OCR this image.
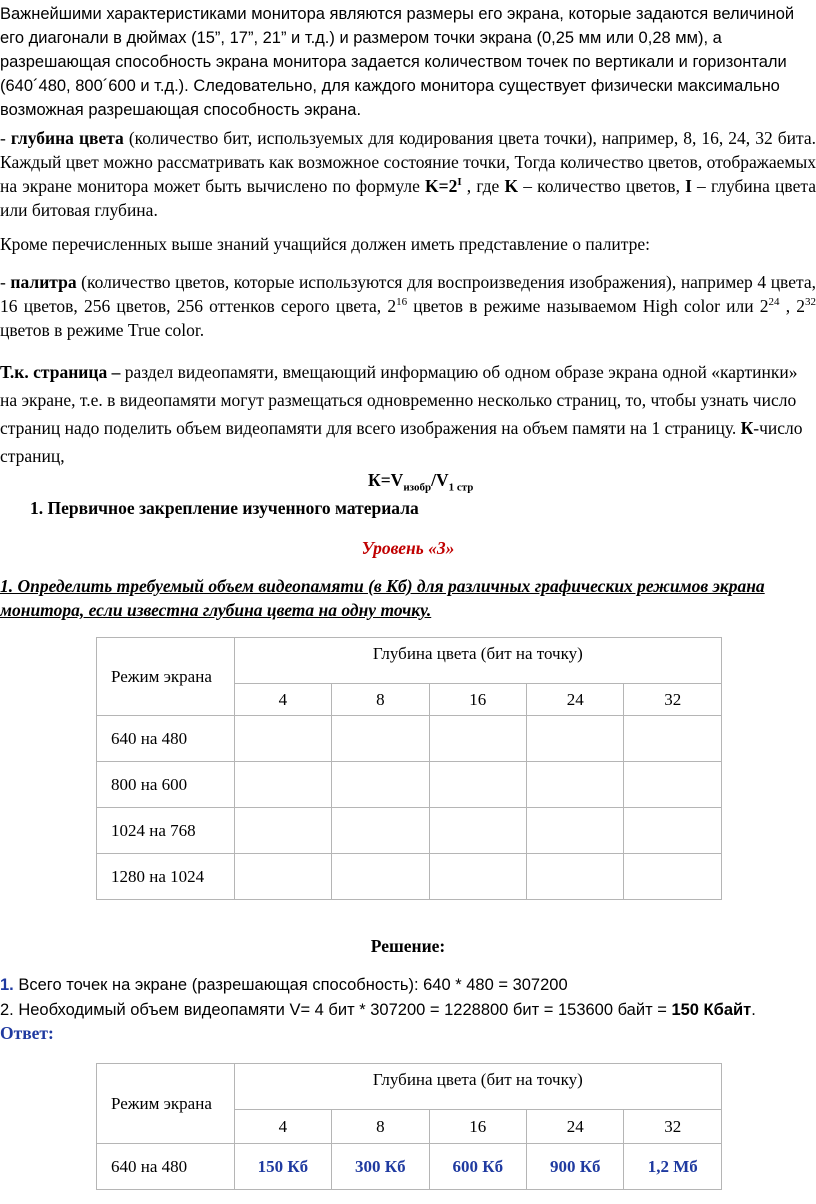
Важнейшими характеристиками монитора являются размеры его экрана, которые задаются величиной его диагонали в дюймах (15”, 17”, 21” и т.д.) и размером точки экрана (0,25 мм или 0,28 мм), а разрешающая способность экрана монитора задается количеством точек по вертикали и горизонтали (640´480, 800´600 и т.д.). Следовательно, для каждого монитора существует физически максимально возможная разрешающая способность экрана.

- глубина цвета (количество бит, используемых для кодирования цвета точки), например, 8, 16, 24, 32 бита. Каждый цвет можно рассматривать как возможное состояние точки, Тогда количество цветов, отображаемых на экране монитора может быть вычислено по формуле $K=2^I$ , где K – количество цветов, I – глубина цвета или битовая глубина.

Кроме перечисленных выше знаний учащийся должен иметь представление о палитре:

- палитра (количество цветов, которые используются для воспроизведения изображения), например 4 цвета, 16 цветов, 256 цветов, 256 оттенков серого цвета, $2^{16}$ цветов в режиме называемом High color или $2^{24}$ , $2^{32}$ цветов в режиме True color.

Т.к. страница – раздел видеопамяти, вмещающий информацию об одном образе экрана одной «картинки» на экране, т.е. в видеопамяти могут размещаться одновременно несколько страниц, то, чтобы узнать число страниц надо поделить объем видеопамяти для всего изображения на объем памяти на 1 страницу. К-число страниц,

$К=V_{изобр}/V_{1 стр}$

1. Первичное закрепление изученного материала

Уровень «3»

1. Определить требуемый объем видеопамяти (в Кб) для различных графических режимов экрана монитора, если известна глубина цвета на одну точку.

Режим экрана	Глубина цвета (бит на точку)				
	4	8	16	24	32
640 на 480					
800 на 600					
1024 на 768					
1280 на 1024					

Решение:

1. Всего точек на экране (разрешающая способность): 640 * 480 = 307200

2. Необходимый объем видеопамяти V= 4 бит * 307200 = 1228800 бит = 153600 байт = 150 Кбайт.

Ответ:

Режим экрана	Глубина цвета (бит на точку)				
	4	8	16	24	32
640 на 480	150 Кб	300 Кб	600 Кб	900 Кб	1,2 Мб
